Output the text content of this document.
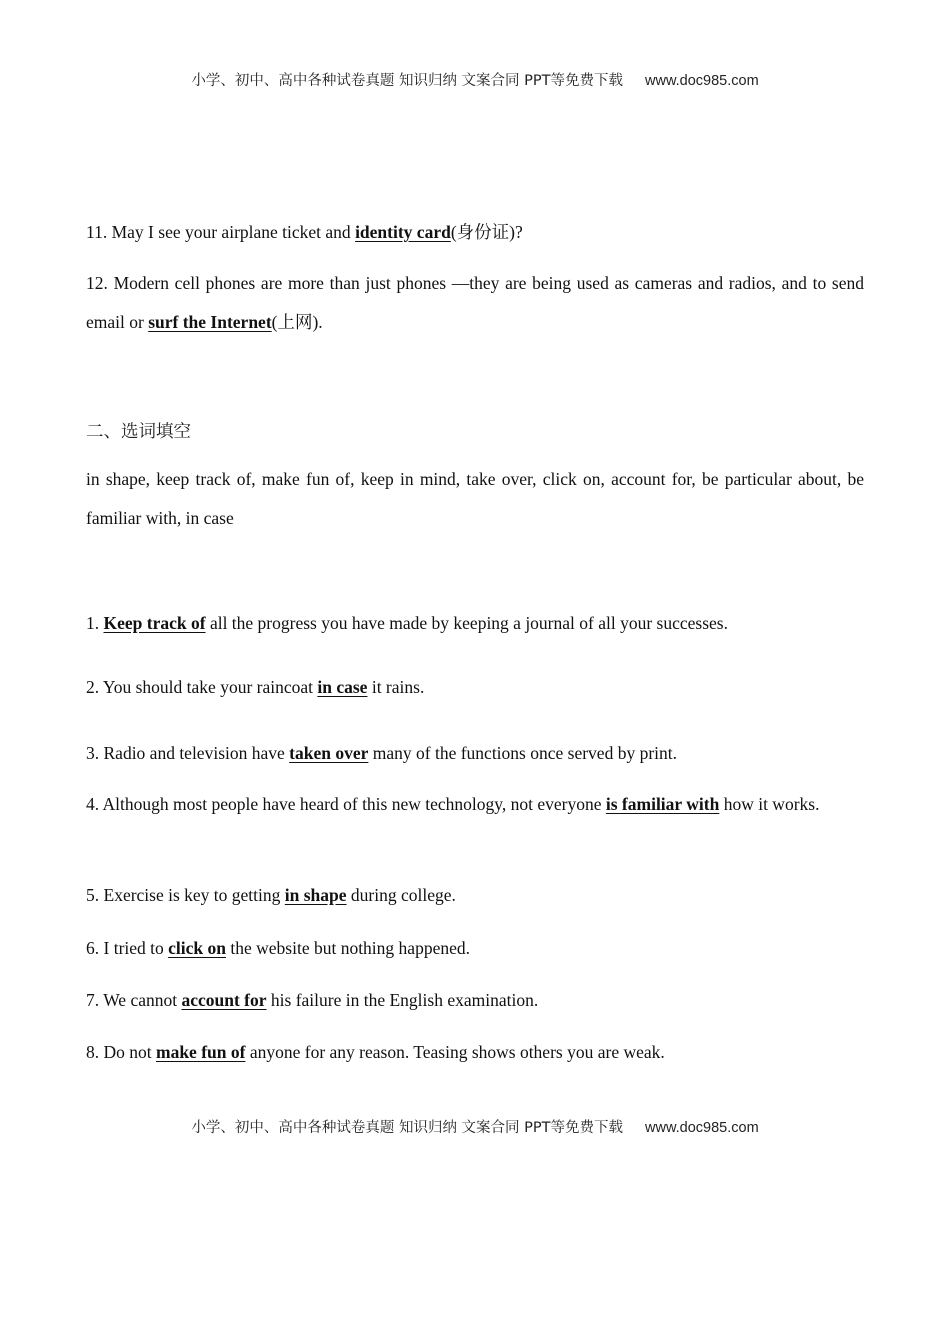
小学、初中、高中各种试卷真题 知识归纳 文案合同 PPT等免费下载 www.doc985.com
11. May I see your airplane ticket and identity card(身份证)?
12. Modern cell phones are more than just phones —they are being used as cameras and radios, and to send email or surf the Internet(上网).
二、选词填空
in shape, keep track of, make fun of, keep in mind, take over, click on, account for, be particular about, be familiar with, in case
1. Keep track of all the progress you have made by keeping a journal of all your successes.
2. You should take your raincoat in case it rains.
3. Radio and television have taken over many of the functions once served by print.
4. Although most people have heard of this new technology, not everyone is familiar with how it works.
5. Exercise is key to getting in shape during college.
6. I tried to click on the website but nothing happened.
7. We cannot account for his failure in the English examination.
8. Do not make fun of anyone for any reason. Teasing shows others you are weak.
小学、初中、高中各种试卷真题 知识归纳 文案合同 PPT等免费下载 www.doc985.com
